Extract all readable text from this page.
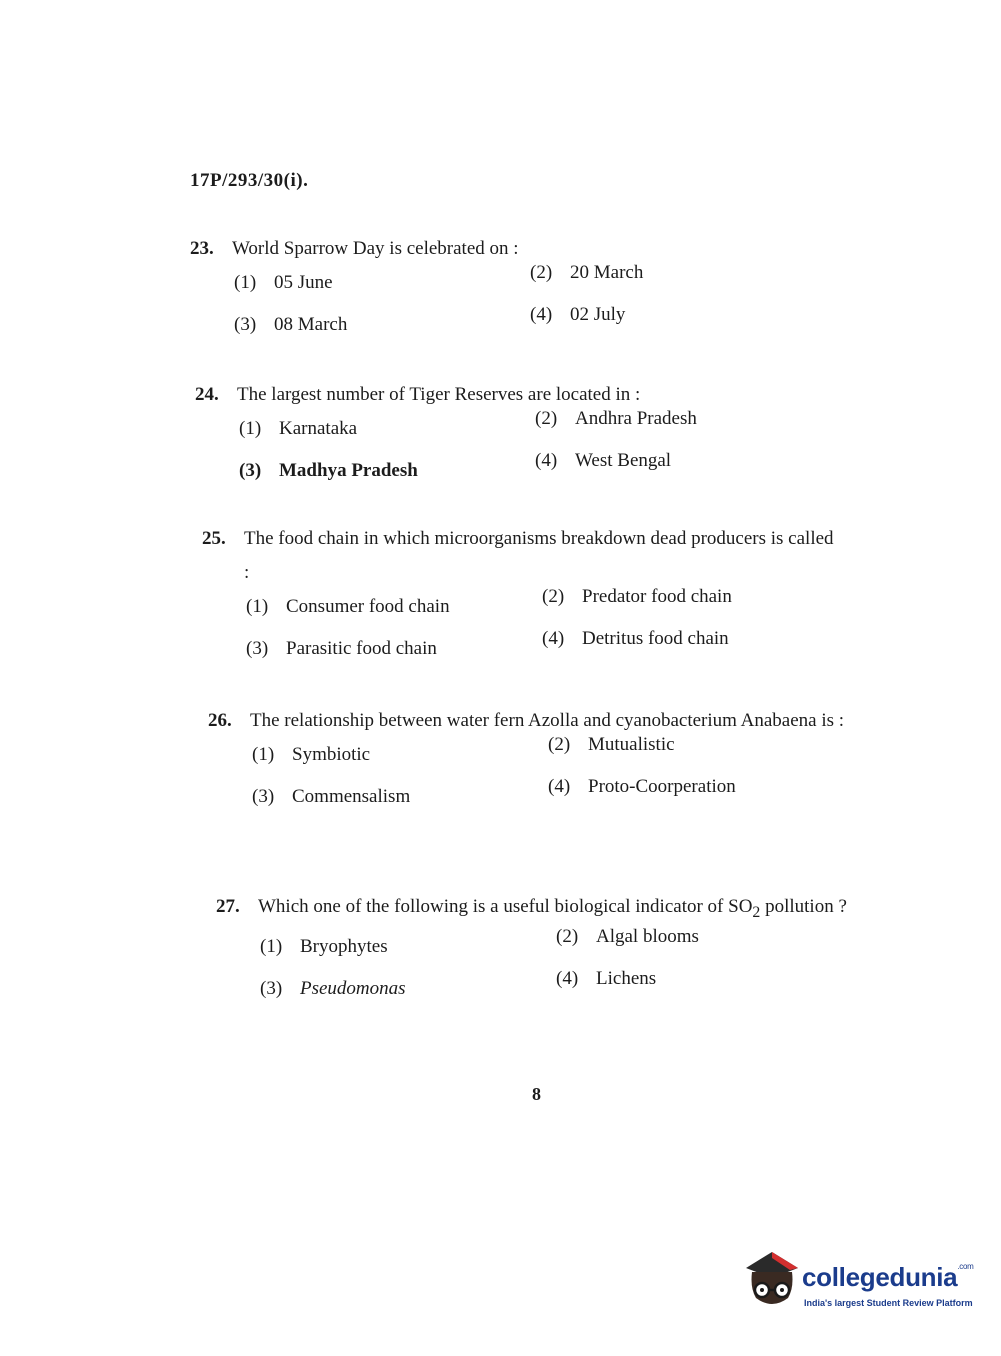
17P/293/30(i).
23. World Sparrow Day is celebrated on :
(1) 05 June	(2) 20 March
(3) 08 March	(4) 02 July
24. The largest number of Tiger Reserves are located in :
(1) Karnataka	(2) Andhra Pradesh
(3) Madhya Pradesh	(4) West Bengal
25. The food chain in which microorganisms breakdown dead producers is called :
(1) Consumer food chain	(2) Predator food chain
(3) Parasitic food chain	(4) Detritus food chain
26. The relationship between water fern Azolla and cyanobacterium Anabaena is :
(1) Symbiotic	(2) Mutualistic
(3) Commensalism	(4) Proto-Coorperation
27. Which one of the following is a useful biological indicator of $SO_2$ pollution ?
(1) Bryophytes	(2) Algal blooms
(3) Pseudomonas	(4) Lichens
8
collegedunia$^{.com}$
India's largest Student Review Platform
